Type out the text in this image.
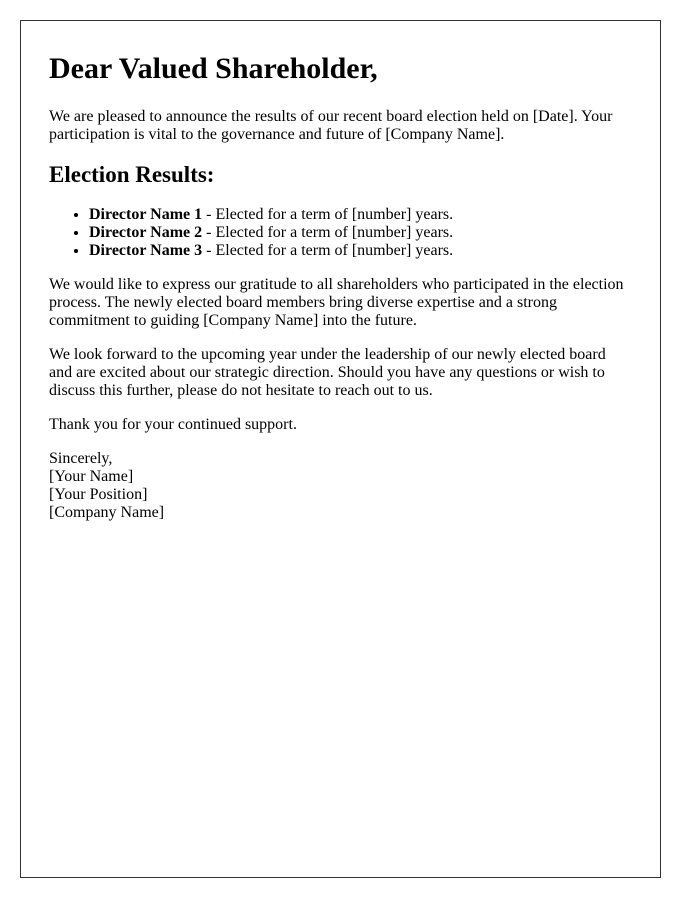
Dear Valued Shareholder,

We are pleased to announce the results of our recent board election held on [Date]. Your participation is vital to the governance and future of [Company Name].

Election Results:
• Director Name 1 - Elected for a term of [number] years.
• Director Name 2 - Elected for a term of [number] years.
• Director Name 3 - Elected for a term of [number] years.

We would like to express our gratitude to all shareholders who participated in the election process. The newly elected board members bring diverse expertise and a strong commitment to guiding [Company Name] into the future.

We look forward to the upcoming year under the leadership of our newly elected board and are excited about our strategic direction. Should you have any questions or wish to discuss this further, please do not hesitate to reach out to us.

Thank you for your continued support.

Sincerely,
[Your Name]
[Your Position]
[Company Name]
